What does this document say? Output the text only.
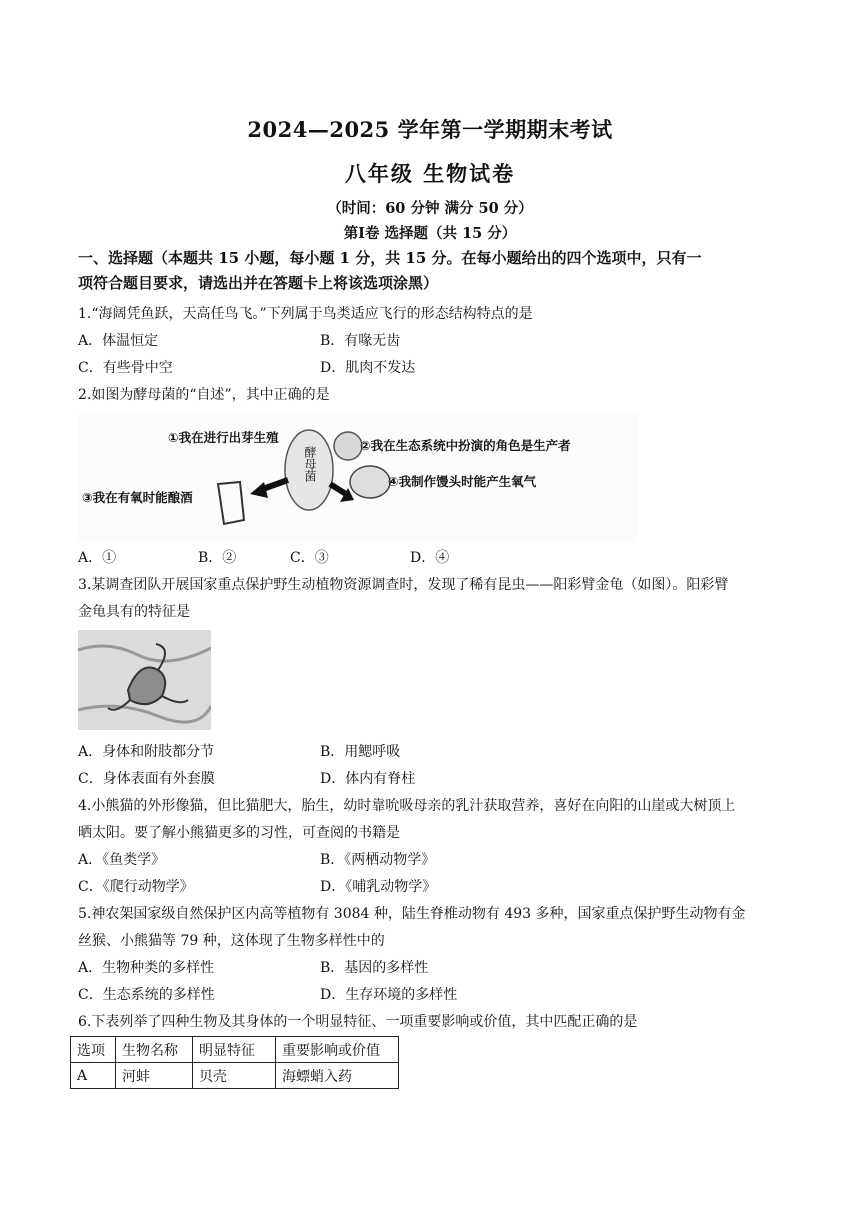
2024—2025 学年第一学期期末考试
八年级 生物试卷
（时间：60 分钟 满分 50 分）
第Ⅰ卷 选择题（共 15 分）
一、选择题（本题共 15 小题，每小题 1 分，共 15 分。在每小题给出的四个选项中，只有一
项符合题目要求，请选出并在答题卡上将该选项涂黑）
1.“海阔凭鱼跃，天高任鸟飞。”下列属于鸟类适应飞行的形态结构特点的是
A．体温恒定	B．有喙无齿
C．有些骨中空	D．肌肉不发达
2.如图为酵母菌的“自述”，其中正确的是
①我在进行出芽生殖
②我在生态系统中扮演的角色是生产者
③我在有氧时能酿酒
④我制作馒头时能产生氧气
酵母菌
A．①	B．②	C．③	D．④
3.某调查团队开展国家重点保护野生动植物资源调查时，发现了稀有昆虫——阳彩臂金龟（如图）。阳彩臂
金龟具有的特征是
A．身体和附肢都分节	B．用鳃呼吸
C．身体表面有外套膜	D．体内有脊柱
4.小熊猫的外形像猫，但比猫肥大，胎生，幼时靠吮吸母亲的乳汁获取营养，喜好在向阳的山崖或大树顶上
晒太阳。要了解小熊猫更多的习性，可查阅的书籍是
A．《鱼类学》	B．《两栖动物学》
C．《爬行动物学》	D．《哺乳动物学》
5.神农架国家级自然保护区内高等植物有 3084 种，陆生脊椎动物有 493 多种，国家重点保护野生动物有金
丝猴、小熊猫等 79 种，这体现了生物多样性中的
A．生物种类的多样性	B．基因的多样性
C．生态系统的多样性	D．生存环境的多样性
6.下表列举了四种生物及其身体的一个明显特征、一项重要影响或价值，其中匹配正确的是
选项	生物名称	明显特征	重要影响或价值
A	河蚌	贝壳	海螵蛸入药
